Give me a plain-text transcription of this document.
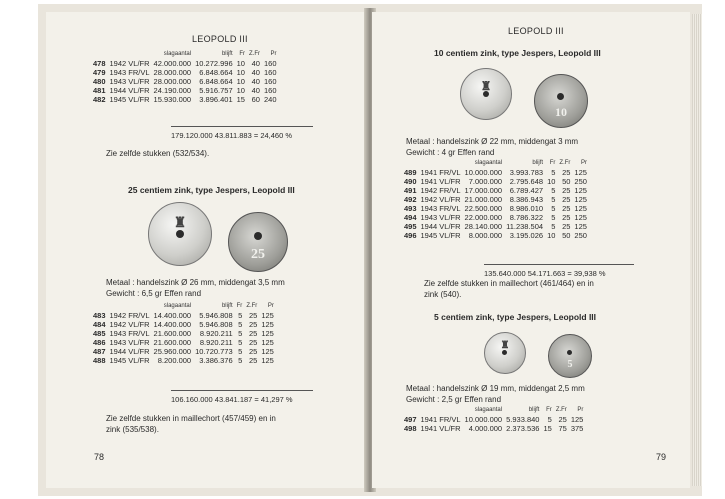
LEOPOLD III
		slagaantal	blijft	Fr	Z.Fr	Pr
478	1942 VL/FR	42.000.000	10.272.996	10	40	160
479	1943 FR/VL	28.000.000	6.848.664	10	40	160
480	1943 VL/FR	28.000.000	6.848.664	10	40	160
481	1944 VL/FR	24.190.000	5.916.757	10	40	160
482	1945 VL/FR	15.930.000	3.896.401	15	60	240
179.120.000 43.811.883 = 24,460 %
Zie zelfde stukken (532/534).
25 centiem zink, type Jespers, Leopold III
♜
25
Metaal : handelszink Ø 26 mm, middengat 3,5 mm
Gewicht : 6,5 gr Effen rand
		slagaantal	blijft	Fr	Z.Fr	Pr
483	1942 FR/VL	14.400.000	5.946.808	5	25	125
484	1942 VL/FR	14.400.000	5.946.808	5	25	125
485	1943 FR/VL	21.600.000	8.920.211	5	25	125
486	1943 VL/FR	21.600.000	8.920.211	5	25	125
487	1944 VL/FR	25.960.000	10.720.773	5	25	125
488	1945 VL/FR	8.200.000	3.386.376	5	25	125
106.160.000 43.841.187 = 41,297 %
Zie zelfde stukken in maillechort (457/459) en in
zink (535/538).
78
LEOPOLD III
10 centiem zink, type Jespers, Leopold III
♜
10
Metaal : handelszink Ø 22 mm, middengat 3 mm
Gewicht : 4 gr Effen rand
		slagaantal	blijft	Fr	Z.Fr	Pr
489	1941 FR/VL	10.000.000	3.993.783	5	25	125
490	1941 VL/FR	7.000.000	2.795.648	10	50	250
491	1942 FR/VL	17.000.000	6.789.427	5	25	125
492	1942 VL/FR	21.000.000	8.386.943	5	25	125
493	1943 FR/VL	22.500.000	8.986.010	5	25	125
494	1943 VL/FR	22.000.000	8.786.322	5	25	125
495	1944 VL/FR	28.140.000	11.238.504	5	25	125
496	1945 VL/FR	8.000.000	3.195.026	10	50	250
135.640.000 54.171.663 = 39,938 %
Zie zelfde stukken in maillechort (461/464) en in
zink (540).
5 centiem zink, type Jespers, Leopold III
♜
5
Metaal : handelszink Ø 19 mm, middengat 2,5 mm
Gewicht : 2,5 gr Effen rand
		slagaantal	blijft	Fr	Z.Fr	Pr
497	1941 FR/VL	10.000.000	5.933.840	5	25	125
498	1941 VL/FR	4.000.000	2.373.536	15	75	375
79
